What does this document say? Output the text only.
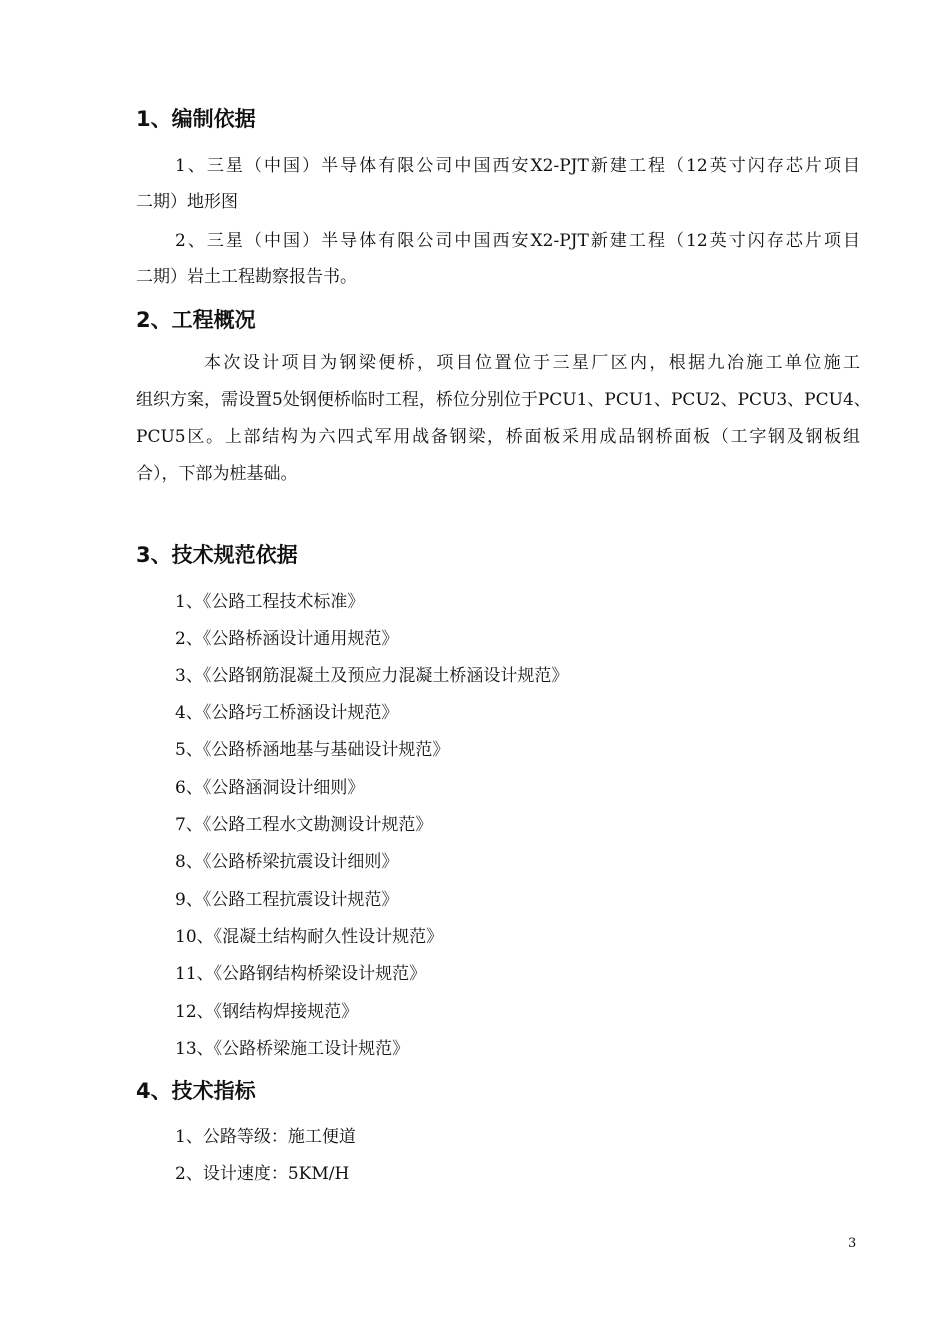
1、编制依据
1、三星（中国）半导体有限公司中国西安X2-PJT新建工程（12英寸闪存芯片项目
二期）地形图
2、三星（中国）半导体有限公司中国西安X2-PJT新建工程（12英寸闪存芯片项目
二期）岩土工程勘察报告书。
2、工程概况
本次设计项目为钢梁便桥，项目位置位于三星厂区内，根据九冶施工单位施工
组织方案，需设置5处钢便桥临时工程，桥位分别位于PCU1、PCU1、PCU2、PCU3、PCU4、
PCU5区。上部结构为六四式军用战备钢梁，桥面板采用成品钢桥面板（工字钢及钢板组
合），下部为桩基础。
3、技术规范依据
1、《公路工程技术标准》
2、《公路桥涵设计通用规范》
3、《公路钢筋混凝土及预应力混凝土桥涵设计规范》
4、《公路圬工桥涵设计规范》
5、《公路桥涵地基与基础设计规范》
6、《公路涵洞设计细则》
7、《公路工程水文勘测设计规范》
8、《公路桥梁抗震设计细则》
9、《公路工程抗震设计规范》
10、《混凝土结构耐久性设计规范》
11、《公路钢结构桥梁设计规范》
12、《钢结构焊接规范》
13、《公路桥梁施工设计规范》
4、技术指标
1、公路等级：施工便道
2、设计速度：5KM/H
3
